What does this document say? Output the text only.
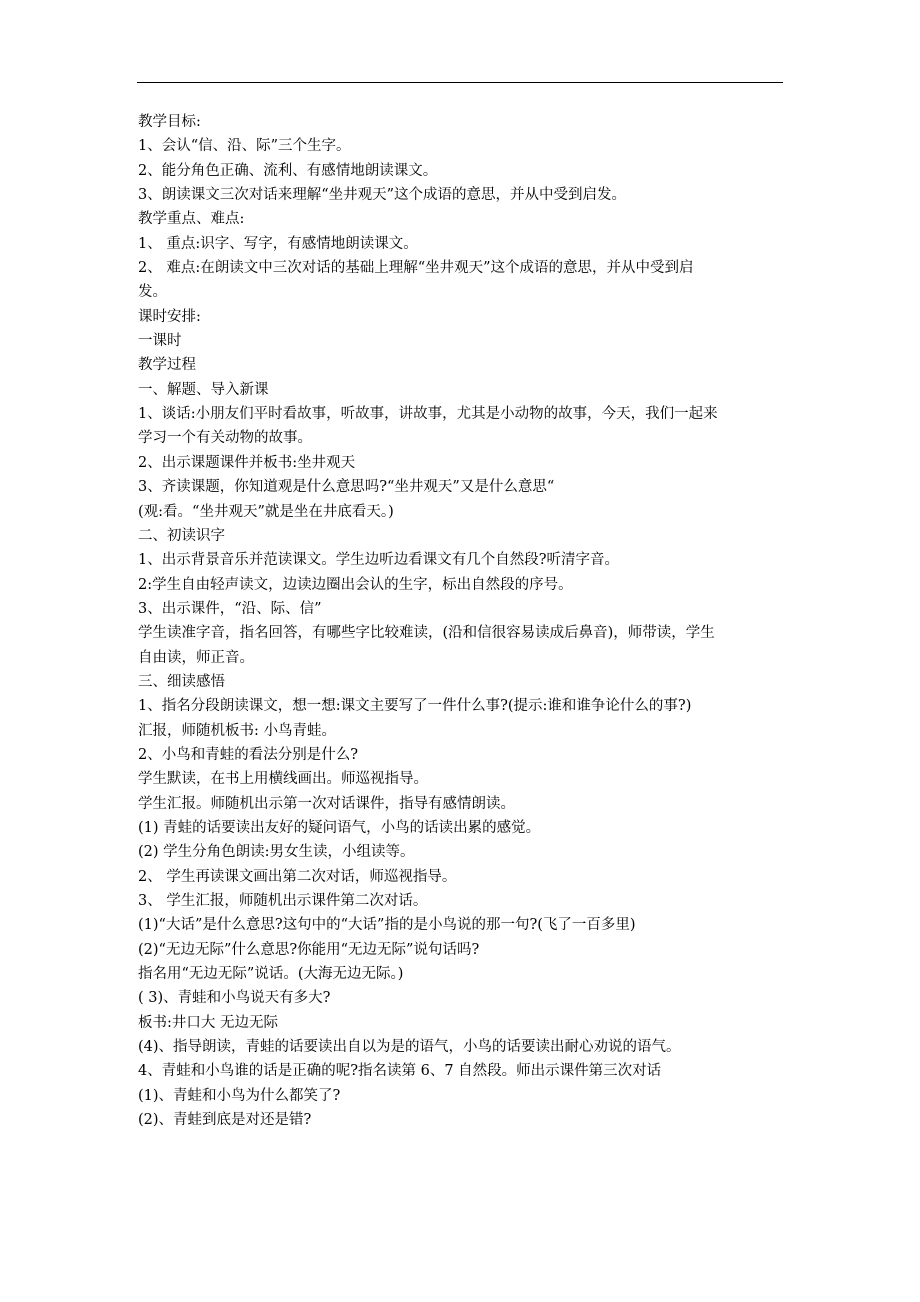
教学目标:
1、会认“信、沿、际”三个生字。
2、能分角色正确、流利、有感情地朗读课文。
3、朗读课文三次对话来理解“坐井观天”这个成语的意思，并从中受到启发。
教学重点、难点:
1、 重点:识字、写字，有感情地朗读课文。
2、 难点:在朗读文中三次对话的基础上理解“坐井观天”这个成语的意思，并从中受到启
发。
课时安排:
一课时
教学过程
一、解题、导入新课
1、谈话:小朋友们平时看故事，听故事，讲故事，尤其是小动物的故事，今天，我们一起来
学习一个有关动物的故事。
2、出示课题课件并板书:坐井观天
3、齐读课题，你知道观是什么意思吗?“坐井观天”又是什么意思“
(观:看。“坐井观天”就是坐在井底看天。)
二、初读识字
1、出示背景音乐并范读课文。学生边听边看课文有几个自然段?听清字音。
2:学生自由轻声读文，边读边圈出会认的生字，标出自然段的序号。
3、出示课件，“沿、际、信”
学生读准字音，指名回答，有哪些字比较难读，(沿和信很容易读成后鼻音)，师带读，学生
自由读，师正音。
三、细读感悟
1、指名分段朗读课文，想一想:课文主要写了一件什么事?(提示:谁和谁争论什么的事?)
汇报，师随机板书: 小鸟青蛙。
2、小鸟和青蛙的看法分别是什么?
学生默读，在书上用横线画出。师巡视指导。
学生汇报。师随机出示第一次对话课件，指导有感情朗读。
(1) 青蛙的话要读出友好的疑问语气，小鸟的话读出累的感觉。
(2) 学生分角色朗读:男女生读，小组读等。
2、 学生再读课文画出第二次对话，师巡视指导。
3、 学生汇报，师随机出示课件第二次对话。
(1)“大话”是什么意思?这句中的“大话”指的是小鸟说的那一句?(飞了一百多里)
(2)“无边无际”什么意思?你能用“无边无际”说句话吗?
指名用“无边无际”说话。(大海无边无际。)
( 3)、青蛙和小鸟说天有多大?
板书:井口大 无边无际
(4)、指导朗读，青蛙的话要读出自以为是的语气，小鸟的话要读出耐心劝说的语气。
4、青蛙和小鸟谁的话是正确的呢?指名读第 6、7 自然段。师出示课件第三次对话
(1)、青蛙和小鸟为什么都笑了?
(2)、青蛙到底是对还是错?
